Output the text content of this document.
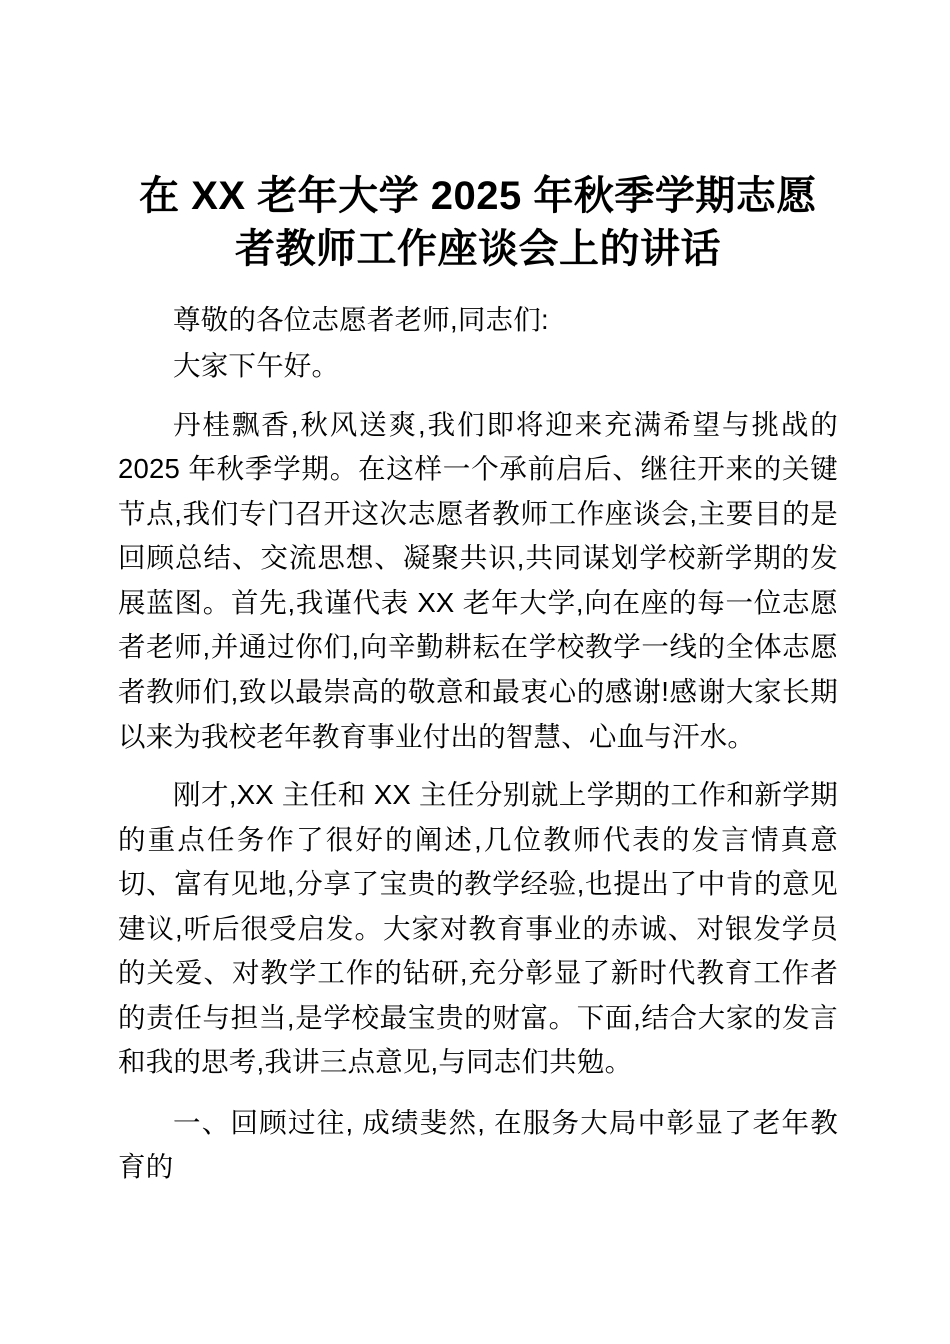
在 XX 老年大学 2025 年秋季学期志愿者教师工作座谈会上的讲话

尊敬的各位志愿者老师,同志们:

大家下午好。

丹桂飘香,秋风送爽,我们即将迎来充满希望与挑战的 2025 年秋季学期。在这样一个承前启后、继往开来的关键节点,我们专门召开这次志愿者教师工作座谈会,主要目的是回顾总结、交流思想、凝聚共识,共同谋划学校新学期的发展蓝图。首先,我谨代表 XX 老年大学,向在座的每一位志愿者老师,并通过你们,向辛勤耕耘在学校教学一线的全体志愿者教师们,致以最崇高的敬意和最衷心的感谢!感谢大家长期以来为我校老年教育事业付出的智慧、心血与汗水。

刚才,XX 主任和 XX 主任分别就上学期的工作和新学期的重点任务作了很好的阐述,几位教师代表的发言情真意切、富有见地,分享了宝贵的教学经验,也提出了中肯的意见建议,听后很受启发。大家对教育事业的赤诚、对银发学员的关爱、对教学工作的钻研,充分彰显了新时代教育工作者的责任与担当,是学校最宝贵的财富。下面,结合大家的发言和我的思考,我讲三点意见,与同志们共勉。

一、回顾过往, 成绩斐然, 在服务大局中彰显了老年教育的
